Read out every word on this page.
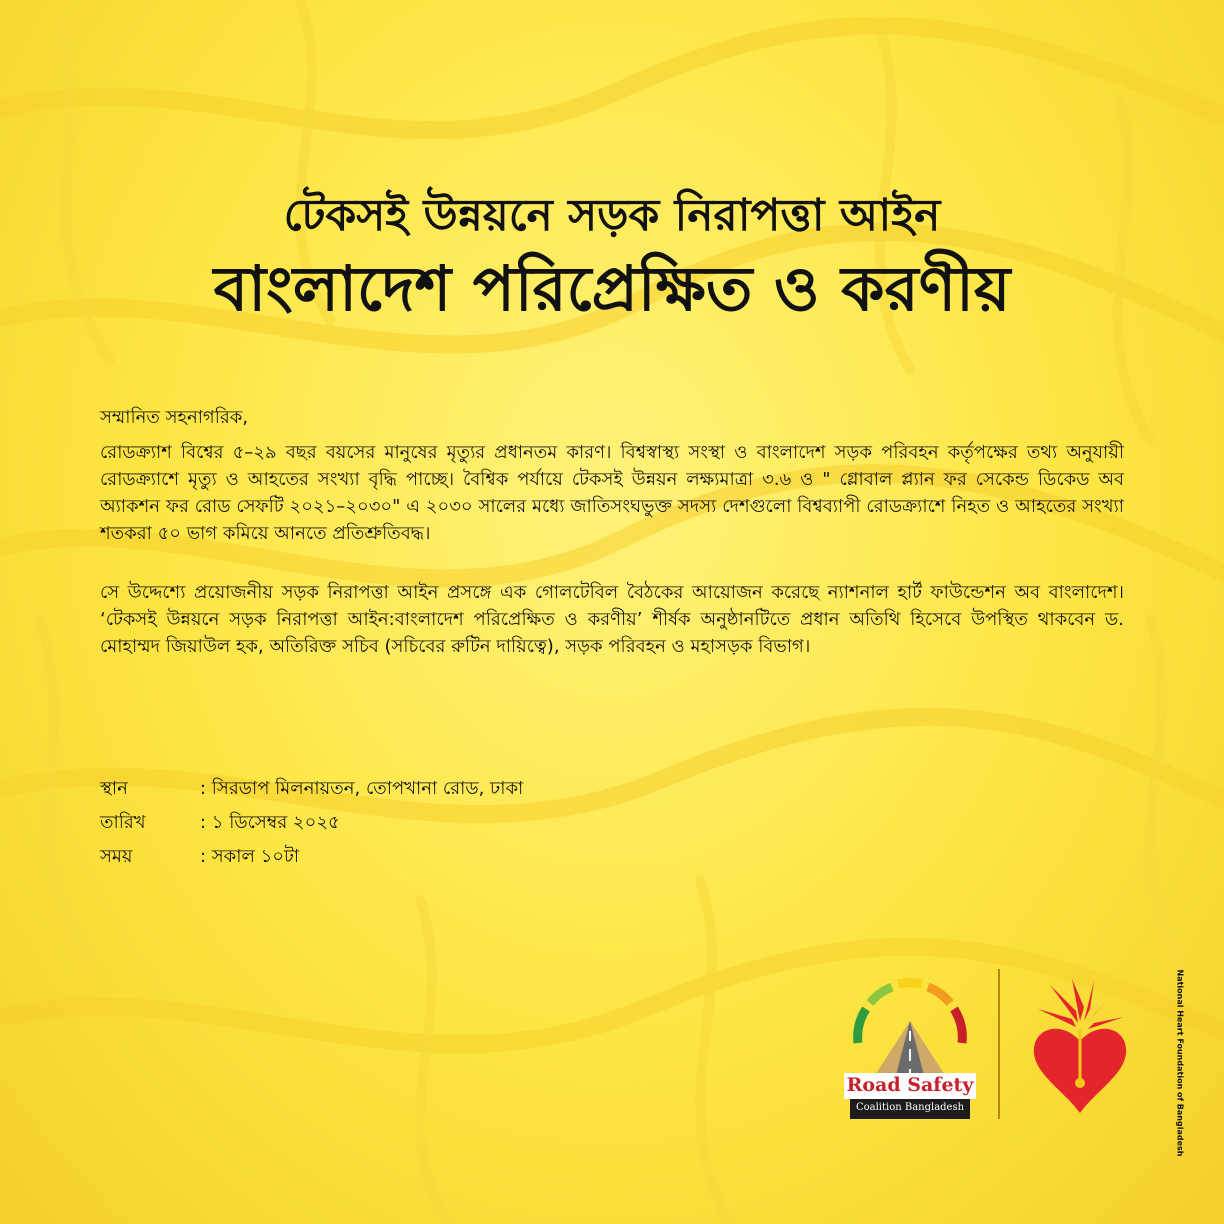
টেকসই উন্নয়নে সড়ক নিরাপত্তা আইন
বাংলাদেশ পরিপ্রেক্ষিত ও করণীয়

সম্মানিত সহনাগরিক,

রোডক্র্যাশ বিশ্বের ৫–২৯ বছর বয়সের মানুষের মৃত্যুর প্রধানতম কারণ। বিশ্বস্বাস্থ্য সংস্থা ও বাংলাদেশ সড়ক পরিবহন কর্তৃপক্ষের তথ্য অনুযায়ী রোডক্র্যাশে মৃত্যু ও আহতের সংখ্যা বৃদ্ধি পাচ্ছে। বৈশ্বিক পর্যায়ে টেকসই উন্নয়ন লক্ষ্যমাত্রা ৩.৬ ও " গ্লোবাল প্ল্যান ফর সেকেন্ড ডিকেড অব অ্যাকশন ফর রোড সেফটি ২০২১–২০৩০" এ ২০৩০ সালের মধ্যে জাতিসংঘভুক্ত সদস্য দেশগুলো বিশ্বব্যাপী রোডক্র্যাশে নিহত ও আহতের সংখ্যা শতকরা ৫০ ভাগ কমিয়ে আনতে প্রতিশ্রুতিবদ্ধ।

সে উদ্দেশ্যে প্রয়োজনীয় সড়ক নিরাপত্তা আইন প্রসঙ্গে এক গোলটেবিল বৈঠকের আয়োজন করেছে ন্যাশনাল হার্ট ফাউন্ডেশন অব বাংলাদেশ। ‘টেকসই উন্নয়নে সড়ক নিরাপত্তা আইন:বাংলাদেশ পরিপ্রেক্ষিত ও করণীয়’ শীর্ষক অনুষ্ঠানটিতে প্রধান অতিথি হিসেবে উপস্থিত থাকবেন ড. মোহাম্মদ জিয়াউল হক, অতিরিক্ত সচিব (সচিবের রুটিন দায়িত্বে), সড়ক পরিবহন ও মহাসড়ক বিভাগ।

স্থান	: সিরডাপ মিলনায়তন, তোপখানা রোড, ঢাকা
তারিখ	: ১ ডিসেম্বর ২০২৫
সময়	: সকাল ১০টা
Road Safety
Coalition Bangladesh	National Heart Foundation of Bangladesh
